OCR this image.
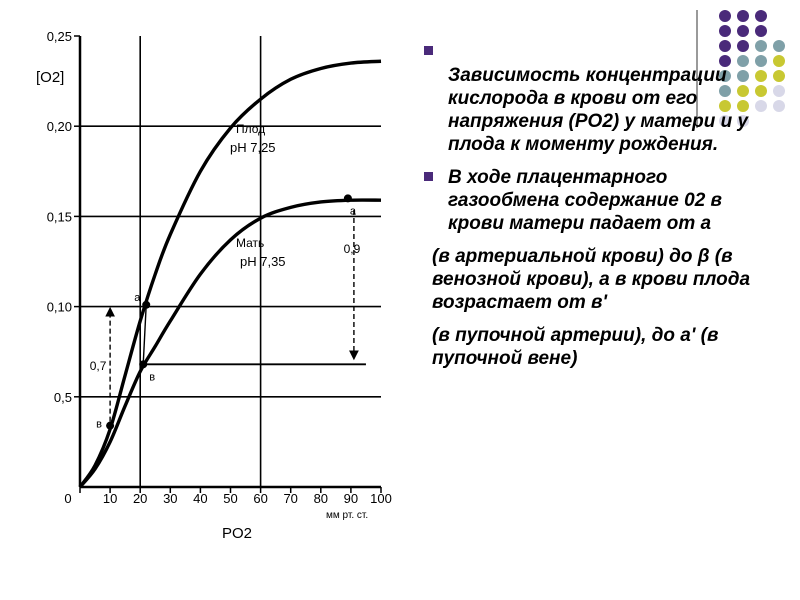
0 10 20 30 40 50 60 70 80 90 100
0,5
0,10
0,15
0,20
0,25
0,7
0,9
a
в
a
в
[O2]
PO2
мм рт. ст.
Плод
pH 7,25
Мать
pH 7,35
Зависимость концентрации кислорода в крови от его напряжения (РО2) у матери и у плода к моменту рождения.
В ходе плацентарного газообмена содержание 02 в крови матери падает от а
(в артериальной крови) до β (в венозной крови), а в крови плода возрастает от в'
(в пупочной артерии), до а' (в пупочной вене)
